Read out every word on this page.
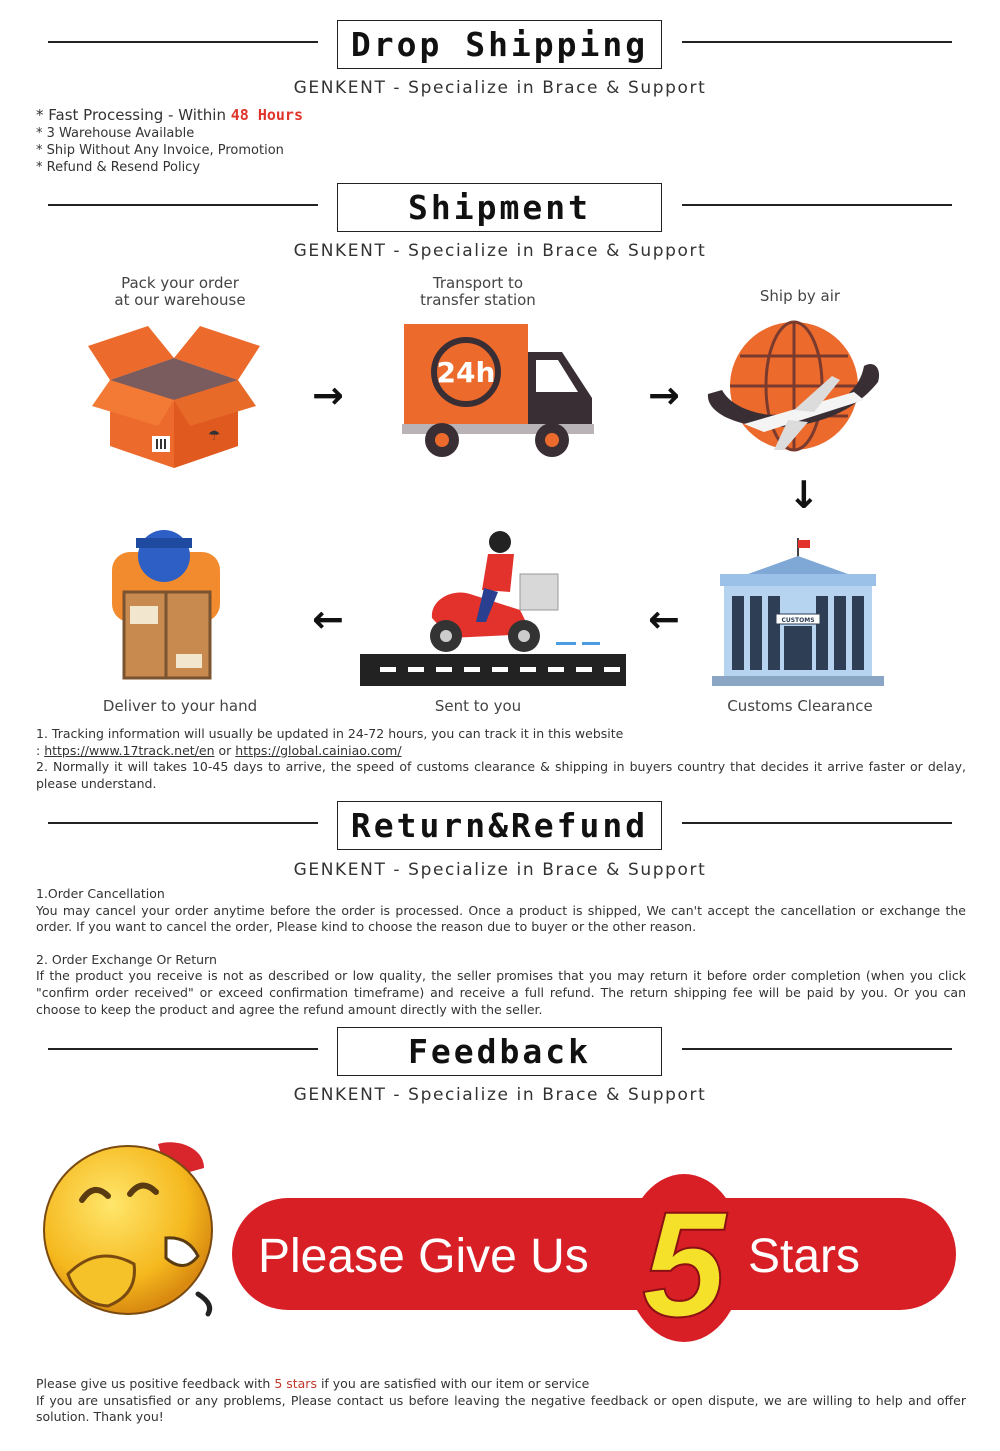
Drop Shipping
GENKENT - Specialize in Brace & Support
* Fast Processing - Within 48 Hours
* 3 Warehouse Available
* Ship Without Any Invoice, Promotion
* Refund & Resend Policy
Shipment
GENKENT - Specialize in Brace & Support
Pack your order
at our warehouse
Transport to
transfer station	Ship by air
☂
→
24h
→
↓
←	←	CUSTOMS
Deliver to your hand	Sent to you	Customs Clearance
1. Tracking information will usually be updated in 24-72 hours, you can track it in this website
: https://www.17track.net/en or https://global.cainiao.com/
2. Normally it will takes 10-45 days to arrive, the speed of customs clearance & shipping in buyers country that decides it arrive faster or delay, please understand.
Return&Refund
GENKENT - Specialize in Brace & Support
1.Order Cancellation
You may cancel your order anytime before the order is processed. Once a product is shipped, We can't accept the cancellation or exchange the order. If you want to cancel the order, Please kind to choose the reason due to buyer or the other reason.
2. Order Exchange Or Return
If the product you receive is not as described or low quality, the seller promises that you may return it before order completion (when you click "confirm order received" or exceed confirmation timeframe) and receive a full refund. The return shipping fee will be paid by you. Or you can choose to keep the product and agree the refund amount directly with the seller.
Feedback
GENKENT - Specialize in Brace & Support
Please Give Us 5 Stars
Please give us positive feedback with 5 stars if you are satisfied with our item or service
If you are unsatisfied or any problems, Please contact us before leaving the negative feedback or open dispute, we are willing to help and offer solution. Thank you!
